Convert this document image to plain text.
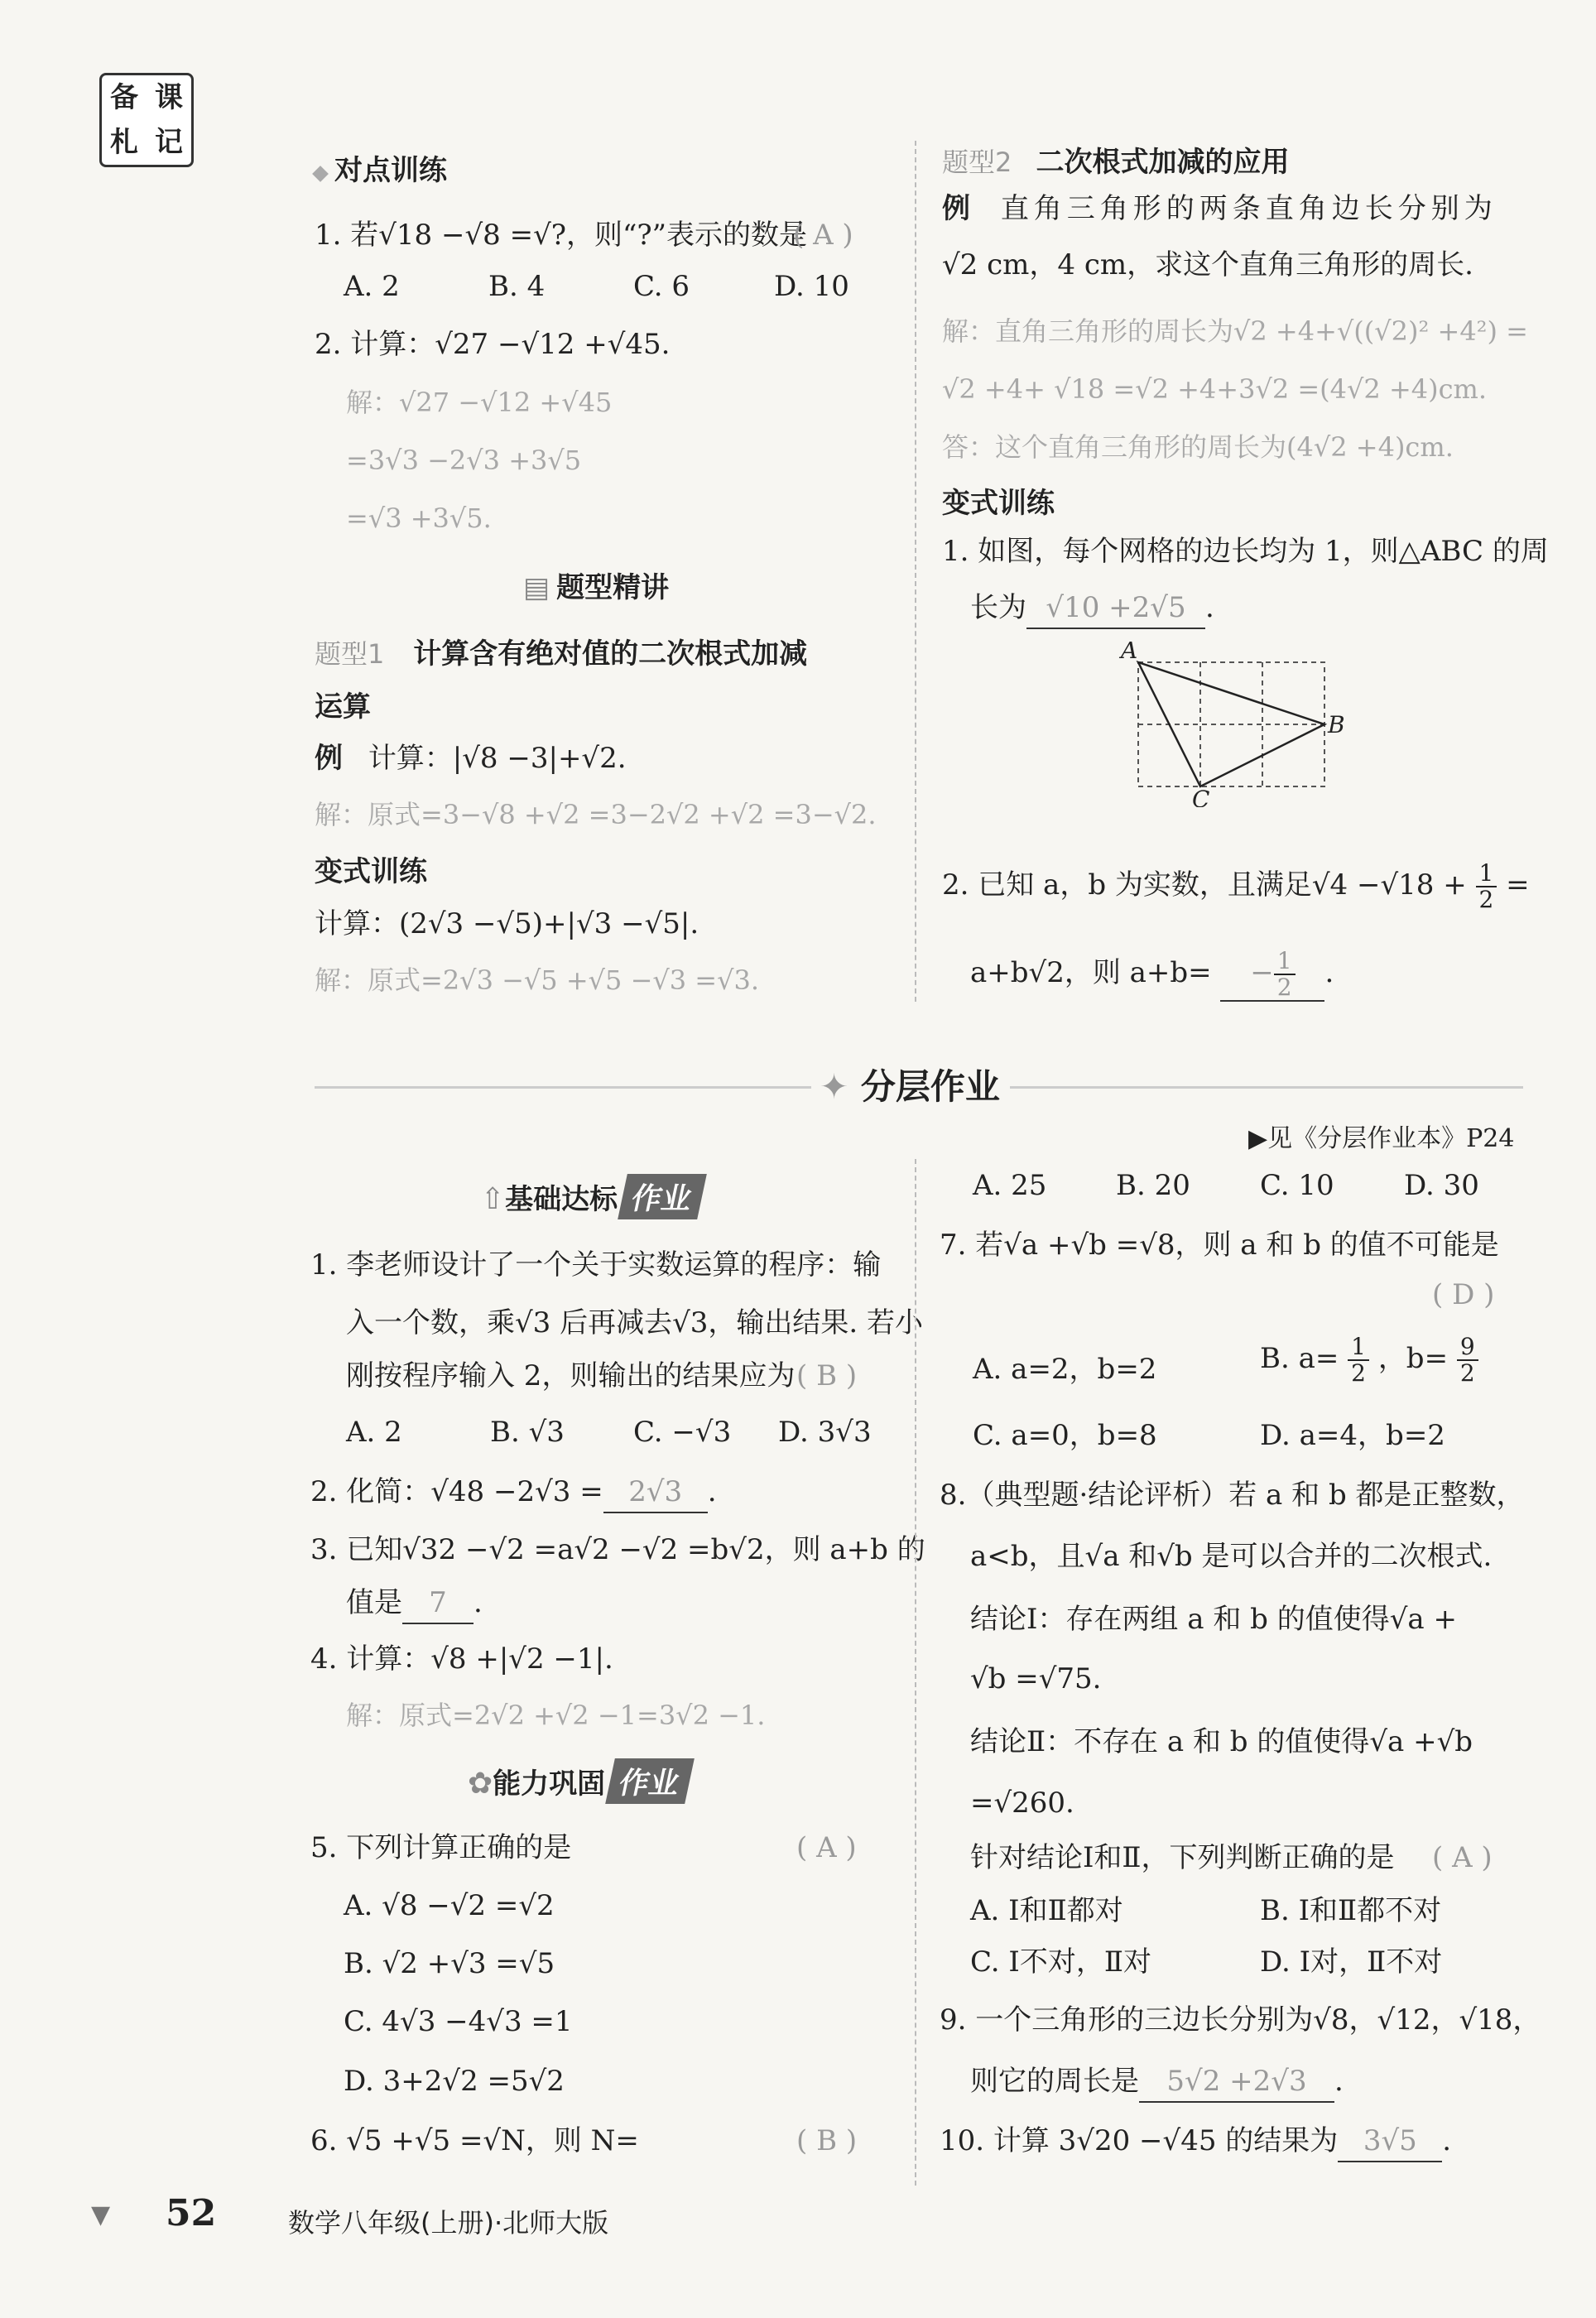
备 课
札 记
对点训练
1. 若√18 −√8 =√?，则“?”表示的数是
( A )
A. 2	B. 4	C. 6	D. 10
2. 计算：√27 −√12 +√45.
解：√27 −√12 +√45
=3√3 −2√3 +3√5
=√3 +3√5.
▤ 题型精讲
题型1 计算含有绝对值的二次根式加减
运算
例 计算：|√8 −3|+√2.
解：原式=3−√8 +√2 =3−2√2 +√2 =3−√2.
变式训练
计算：(2√3 −√5)+|√3 −√5|.
解：原式=2√3 −√5 +√5 −√3 =√3.
题型2 二次根式加减的应用
例 直角三角形的两条直角边长分别为
√2 cm，4 cm，求这个直角三角形的周长.
解：直角三角形的周长为√2 +4+√((√2)² +4²) =
√2 +4+ √18 =√2 +4+3√2 =(4√2 +4)cm.
答：这个直角三角形的周长为(4√2 +4)cm.
变式训练
1. 如图，每个网格的边长均为 1，则△ABC 的周
长为 √10 +2√5 .
A
B
C
2. 已知 a，b 为实数，且满足$√4 -√18 + \frac{1}{2}$ =
a+b√2，则 $a+b= - \frac{1}{2}$ .
✦ 分层作业
▶见《分层作业本》P24
⇧基础达标 作业
1. 李老师设计了一个关于实数运算的程序：输
入一个数，乘√3 后再减去√3，输出结果. 若小
刚按程序输入 2，则输出的结果应为 ( B )
A. 2	B. √3 C. −√3 D. 3√3
2. 化简：√48 −2√3 = 2√3 .
3. 已知√32 −√2 =a√2 −√2 =b√2，则 a+b 的
值是 7 .
4. 计算：√8 +|√2 −1|.
解：原式=2√2 +√2 −1=3√2 −1.
✿能力巩固 作业
5. 下列计算正确的是	( A )
A. √8 −√2 =√2
B. √2 +√3 =√5
C. 4√3 −4√3 =1
D. 3+2√2 =5√2
6. √5 +√5 =√N，则 N=	( B )
A. 25 B. 20 C. 10 D. 30
7. 若√a +√b =√8，则 a 和 b 的值不可能是
( D )
A. a=2，b=2	B. $a= \frac{1}{2}$ ，$b= \frac{9}{2}$
C. a=0，b=8	D. a=4，b=2
8.（典型题·结论评析）若 a 和 b 都是正整数，
a<b，且√a 和√b 是可以合并的二次根式.
结论Ⅰ：存在两组 a 和 b 的值使得√a +
√b =√75.
结论Ⅱ：不存在 a 和 b 的值使得√a +√b
=√260.
针对结论Ⅰ和Ⅱ，下列判断正确的是 ( A )
A. Ⅰ和Ⅱ都对	B. Ⅰ和Ⅱ都不对
C. Ⅰ不对，Ⅱ对	D. Ⅰ对，Ⅱ不对
9. 一个三角形的三边长分别为√8，√12，√18，
则它的周长是 5√2 +2√3 .
10. 计算 3√20 −√45 的结果为 3√5 .
▼ 52	数学八年级(上册)·北师大版
